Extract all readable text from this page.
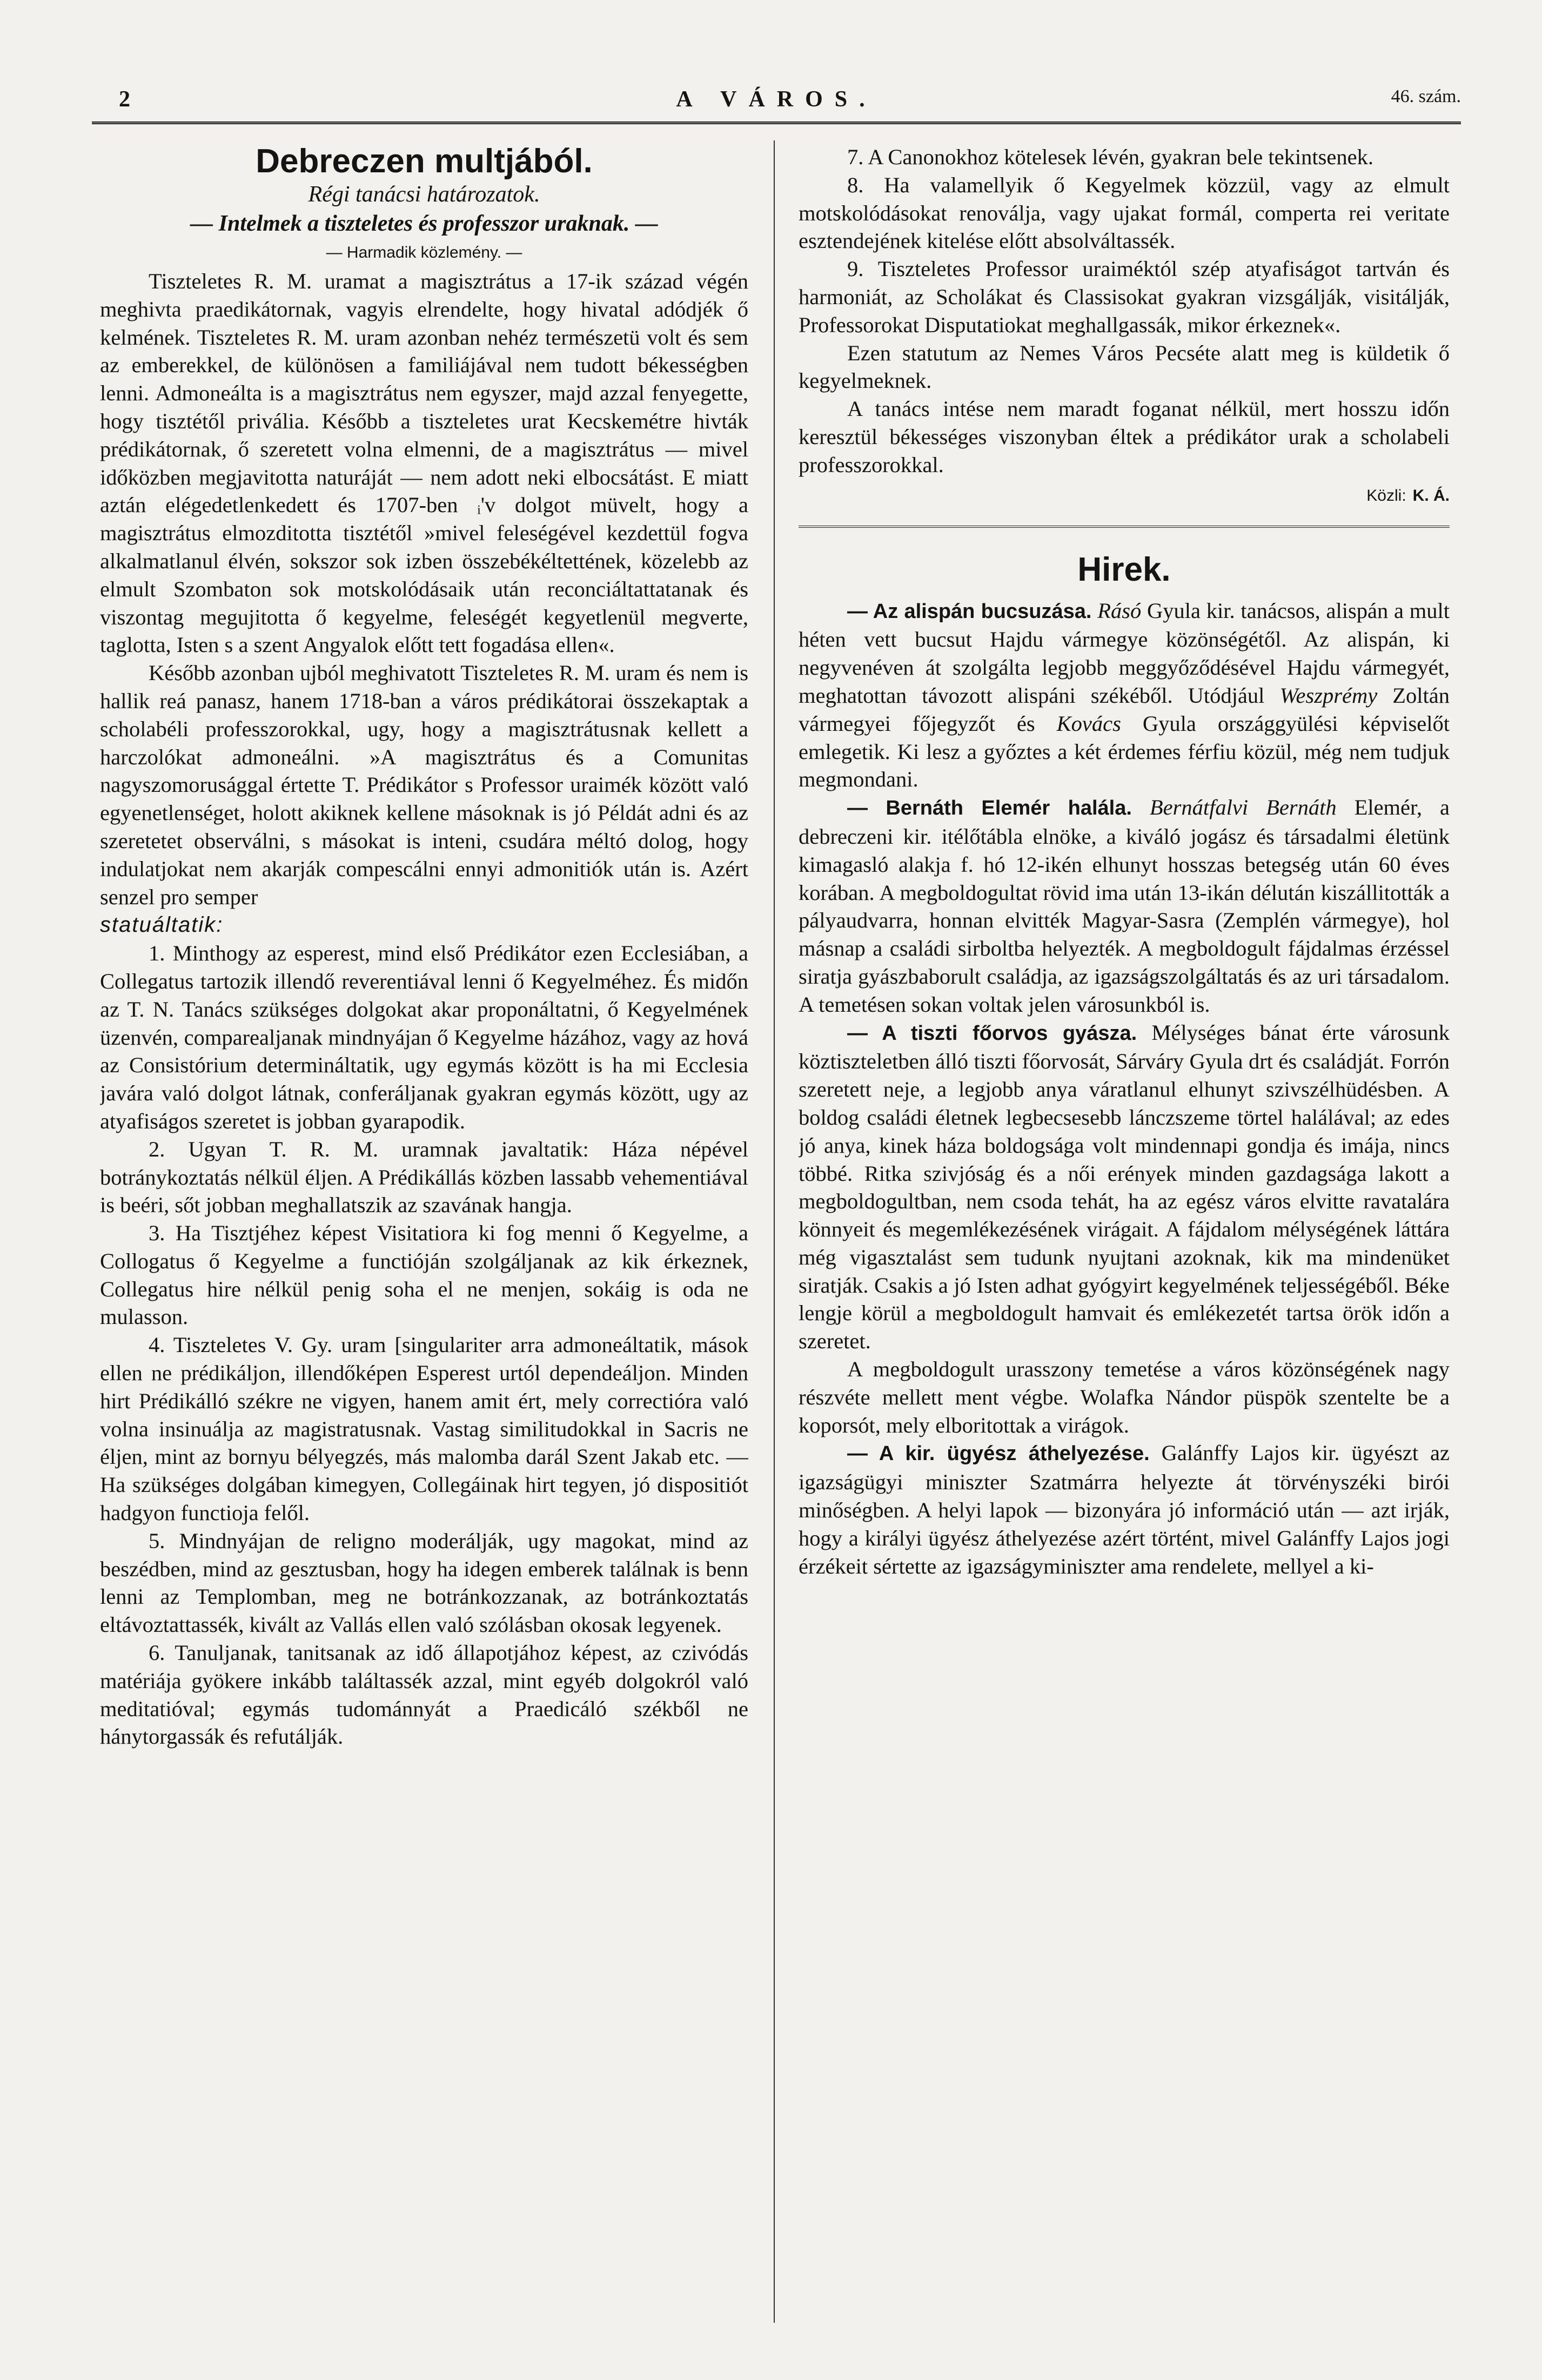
2	A VÁROS.	46. szám.
Debreczen multjából.

Régi tanácsi határozatok.

— Intelmek a tiszteletes és professzor uraknak. —

— Harmadik közlemény. —

Tiszteletes R. M. uramat a magisztrátus a 17-ik század végén meghivta praedikátornak, vagyis elrendelte, hogy hivatal adódjék ő kelmének. Tiszteletes R. M. uram azonban nehéz természetü volt és sem az emberekkel, de különösen a familiájával nem tudott békességben lenni. Admoneálta is a magisztrátus nem egyszer, majd azzal fenyegette, hogy tisztétől privália. Később a tiszteletes urat Kecskemétre hivták prédikátornak, ő szeretett volna elmenni, de a magisztrátus — mivel időközben megjavitotta naturáját — nem adott neki elbocsátást. E miatt aztán elégedetlenkedett és 1707-ben ᵢ'v dolgot müvelt, hogy a magisztrátus elmozditotta tisztétől »mivel feleségével kezdettül fogva alkalmatlanul élvén, sokszor sok izben összebékéltettének, közelebb az elmult Szombaton sok motskolódásaik után reconciáltattatanak és viszontag megujitotta ő kegyelme, feleségét kegyetlenül megverte, taglotta, Isten s a szent Angyalok előtt tett fogadása ellen«.

Később azonban ujból meghivatott Tiszteletes R. M. uram és nem is hallik reá panasz, hanem 1718-ban a város prédikátorai összekaptak a scholabéli professzorokkal, ugy, hogy a magisztrátusnak kellett a harczolókat admoneálni. »A magisztrátus és a Comunitas nagyszomorusággal értette T. Prédikátor s Professor uraimék között való egyenetlenséget, holott akiknek kellene másoknak is jó Példát adni és az szeretetet observálni, s másokat is inteni, csudára méltó dolog, hogy indulatjokat nem akarják compescálni ennyi admonitiók után is. Azért senzel pro semper

statuáltatik:

1. Minthogy az esperest, mind első Prédikátor ezen Ecclesiában, a Collegatus tartozik illendő reverentiával lenni ő Kegyelméhez. És midőn az T. N. Tanács szükséges dolgokat akar proponáltatni, ő Kegyelmének üzenvén, comparealjanak mindnyájan ő Kegyelme házához, vagy az hová az Consistórium determináltatik, ugy egymás között is ha mi Ecclesia javára való dolgot látnak, conferáljanak gyakran egymás között, ugy az atyafiságos szeretet is jobban gyarapodik.

2. Ugyan T. R. M. uramnak javaltatik: Háza népével botránykoztatás nélkül éljen. A Prédikállás közben lassabb vehementiával is beéri, sőt jobban meghallatszik az szavának hangja.

3. Ha Tisztjéhez képest Visitatiora ki fog menni ő Kegyelme, a Collogatus ő Kegyelme a functióján szolgáljanak az kik érkeznek, Collegatus hire nélkül penig soha el ne menjen, sokáig is oda ne mulasson.

4. Tiszteletes V. Gy. uram [singulariter arra admoneáltatik, mások ellen ne prédikáljon, illendőképen Esperest urtól dependeáljon. Minden hirt Prédikálló székre ne vigyen, hanem amit ért, mely correctióra való volna insinuálja az magistratusnak. Vastag similitudokkal in Sacris ne éljen, mint az bornyu bélyegzés, más malomba darál Szent Jakab etc. — Ha szükséges dolgában kimegyen, Collegáinak hirt tegyen, jó dispositiót hadgyon functioja felől.

5. Mindnyájan de religno moderálják, ugy magokat, mind az beszédben, mind az gesztusban, hogy ha idegen emberek találnak is benn lenni az Templomban, meg ne botránkozzanak, az botránkoztatás eltávoztattassék, kivált az Vallás ellen való szólásban okosak legyenek.

6. Tanuljanak, tanitsanak az idő állapotjához képest, az czivódás matériája gyökere inkább találtassék azzal, mint egyéb dolgokról való meditatióval; egymás tudománnyát a Praedicáló székből ne hánytorgassák és refutálják.

7. A Canonokhoz kötelesek lévén, gyakran bele tekintsenek.

8. Ha valamellyik ő Kegyelmek közzül, vagy az elmult motskolódásokat renoválja, vagy ujakat formál, comperta rei veritate esztendejének kitelése előtt absolváltassék.

9. Tiszteletes Professor uraiméktól szép atyafiságot tartván és harmoniát, az Scholákat és Classisokat gyakran vizsgálják, visitálják, Professorokat Disputatiokat meghallgassák, mikor érkeznek«.

Ezen statutum az Nemes Város Pecséte alatt meg is küldetik ő kegyelmeknek.

A tanács intése nem maradt foganat nélkül, mert hosszu időn keresztül békességes viszonyban éltek a prédikátor urak a scholabeli professzorokkal.

Közli: K. Á.
Hirek.

— Az alispán bucsuzása. Rásó Gyula kir. tanácsos, alispán a mult héten vett bucsut Hajdu vármegye közönségétől. Az alispán, ki negyvenéven át szolgálta legjobb meggyőződésével Hajdu vármegyét, meghatottan távozott alispáni székéből. Utódjául Weszprémy Zoltán vármegyei főjegyzőt és Kovács Gyula országgyülési képviselőt emlegetik. Ki lesz a győztes a két érdemes férfiu közül, még nem tudjuk megmondani.

— Bernáth Elemér halála. Bernátfalvi Bernáth Elemér, a debreczeni kir. itélőtábla elnöke, a kiváló jogász és társadalmi életünk kimagasló alakja f. hó 12-ikén elhunyt hosszas betegség után 60 éves korában. A megboldogultat rövid ima után 13-ikán délután kiszállitották a pályaudvarra, honnan elvitték Magyar-Sasra (Zemplén vármegye), hol másnap a családi sirboltba helyezték. A megboldogult fájdalmas érzéssel siratja gyászbaborult családja, az igazságszolgáltatás és az uri társadalom. A temetésen sokan voltak jelen városunkból is.

— A tiszti főorvos gyásza. Mélységes bánat érte városunk köztiszteletben álló tiszti főorvosát, Sárváry Gyula drt és családját. Forrón szeretett neje, a legjobb anya váratlanul elhunyt szivszélhüdésben. A boldog családi életnek legbecsesebb lánczszeme törtel halálával; az edes jó anya, kinek háza boldogsága volt mindennapi gondja és imája, nincs többé. Ritka szivjóság és a női erények minden gazdagsága lakott a megboldogultban, nem csoda tehát, ha az egész város elvitte ravatalára könnyeit és megemlékezésének virágait. A fájdalom mélységének láttára még vigasztalást sem tudunk nyujtani azoknak, kik ma mindenüket siratják. Csakis a jó Isten adhat gyógyirt kegyelmének teljességéből. Béke lengje körül a megboldogult hamvait és emlékezetét tartsa örök időn a szeretet.

A megboldogult urasszony temetése a város közönségének nagy részvéte mellett ment végbe. Wolafka Nándor püspök szentelte be a koporsót, mely elboritottak a virágok.

— A kir. ügyész áthelyezése. Galánffy Lajos kir. ügyészt az igazságügyi miniszter Szatmárra helyezte át törvényszéki birói minőségben. A helyi lapok — bizonyára jó információ után — azt irják, hogy a királyi ügyész áthelyezése azért történt, mivel Galánffy Lajos jogi érzékeit sértette az igazságyminiszter ama rendelete, mellyel a ki-
